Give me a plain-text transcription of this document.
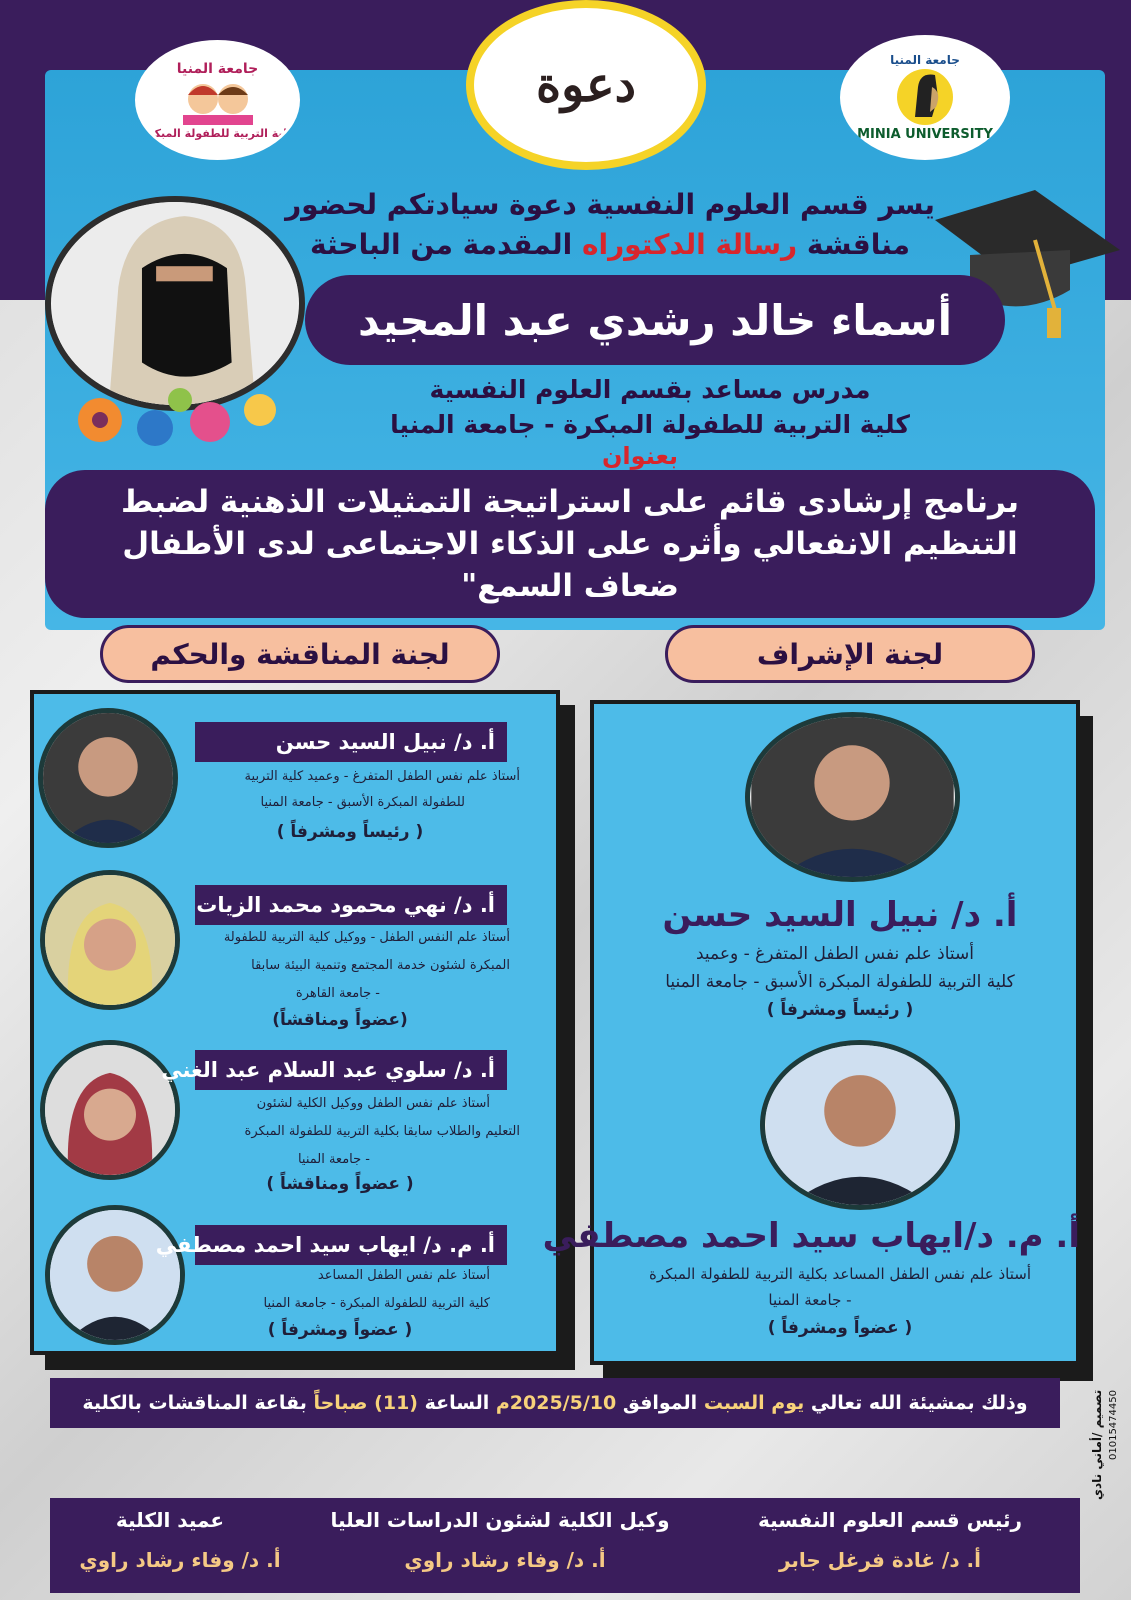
جامعة المنيا
كلية التربية للطفولة المبكرة
دعوة	جامعة المنيا
MINIA UNIVERSITY
يسر قسم العلوم النفسية دعوة سيادتكم لحضور
مناقشة رسالة الدكتوراه المقدمة من الباحثة
أسماء خالد رشدي عبد المجيد
مدرس مساعد بقسم العلوم النفسية
كلية التربية للطفولة المبكرة - جامعة المنيا
بعنوان
برنامج إرشادى قائم على استراتيجة التمثيلات الذهنية لضبط
التنظيم الانفعالي وأثره على الذكاء الاجتماعى لدى الأطفال
ضعاف السمع"
لجنة المناقشة والحكم	لجنة الإشراف
أ. د/ نبيل السيد حسن
أستاذ علم نفس الطفل المتفرغ - وعميد كلية التربية
للطفولة المبكرة الأسبق - جامعة المنيا
( رئيساً ومشرفاً )
أ. د/ نهي محمود محمد الزيات
أستاذ علم النفس الطفل - ووكيل كلية التربية للطفولة
المبكرة لشئون خدمة المجتمع وتنمية البيئة سابقا
- جامعة القاهرة
(عضواً ومناقشاً)
أ. د/ سلوي عبد السلام عبد الغني
أستاذ علم نفس الطفل ووكيل الكلية لشئون
التعليم والطلاب سابقا بكلية التربية للطفولة المبكرة
- جامعة المنيا
( عضواً ومناقشاً )
أ. م. د/ ايهاب سيد احمد مصطفي
أستاذ علم نفس الطفل المساعد
كلية التربية للطفولة المبكرة - جامعة المنيا
( عضواً ومشرفاً )
أ. د/ نبيل السيد حسن
أستاذ علم نفس الطفل المتفرغ - وعميد
كلية التربية للطفولة المبكرة الأسبق - جامعة المنيا
( رئيساً ومشرفاً )
أ. م. د/ايهاب سيد احمد مصطفي
أستاذ علم نفس الطفل المساعد بكلية التربية للطفولة المبكرة
- جامعة المنيا
( عضواً ومشرفاً )
وذلك بمشيئة الله تعالي يوم السبت الموافق 2025/5/10م الساعة (11) صباحاً بقاعة المناقشات بالكلية	تصميم /أماني نادي 01015474450
رئيس قسم العلوم النفسية
أ. د/ غادة فرغل جابر
وكيل الكلية لشئون الدراسات العليا
أ. د/ وفاء رشاد راوي
عميد الكلية
أ. د/ وفاء رشاد راوي
